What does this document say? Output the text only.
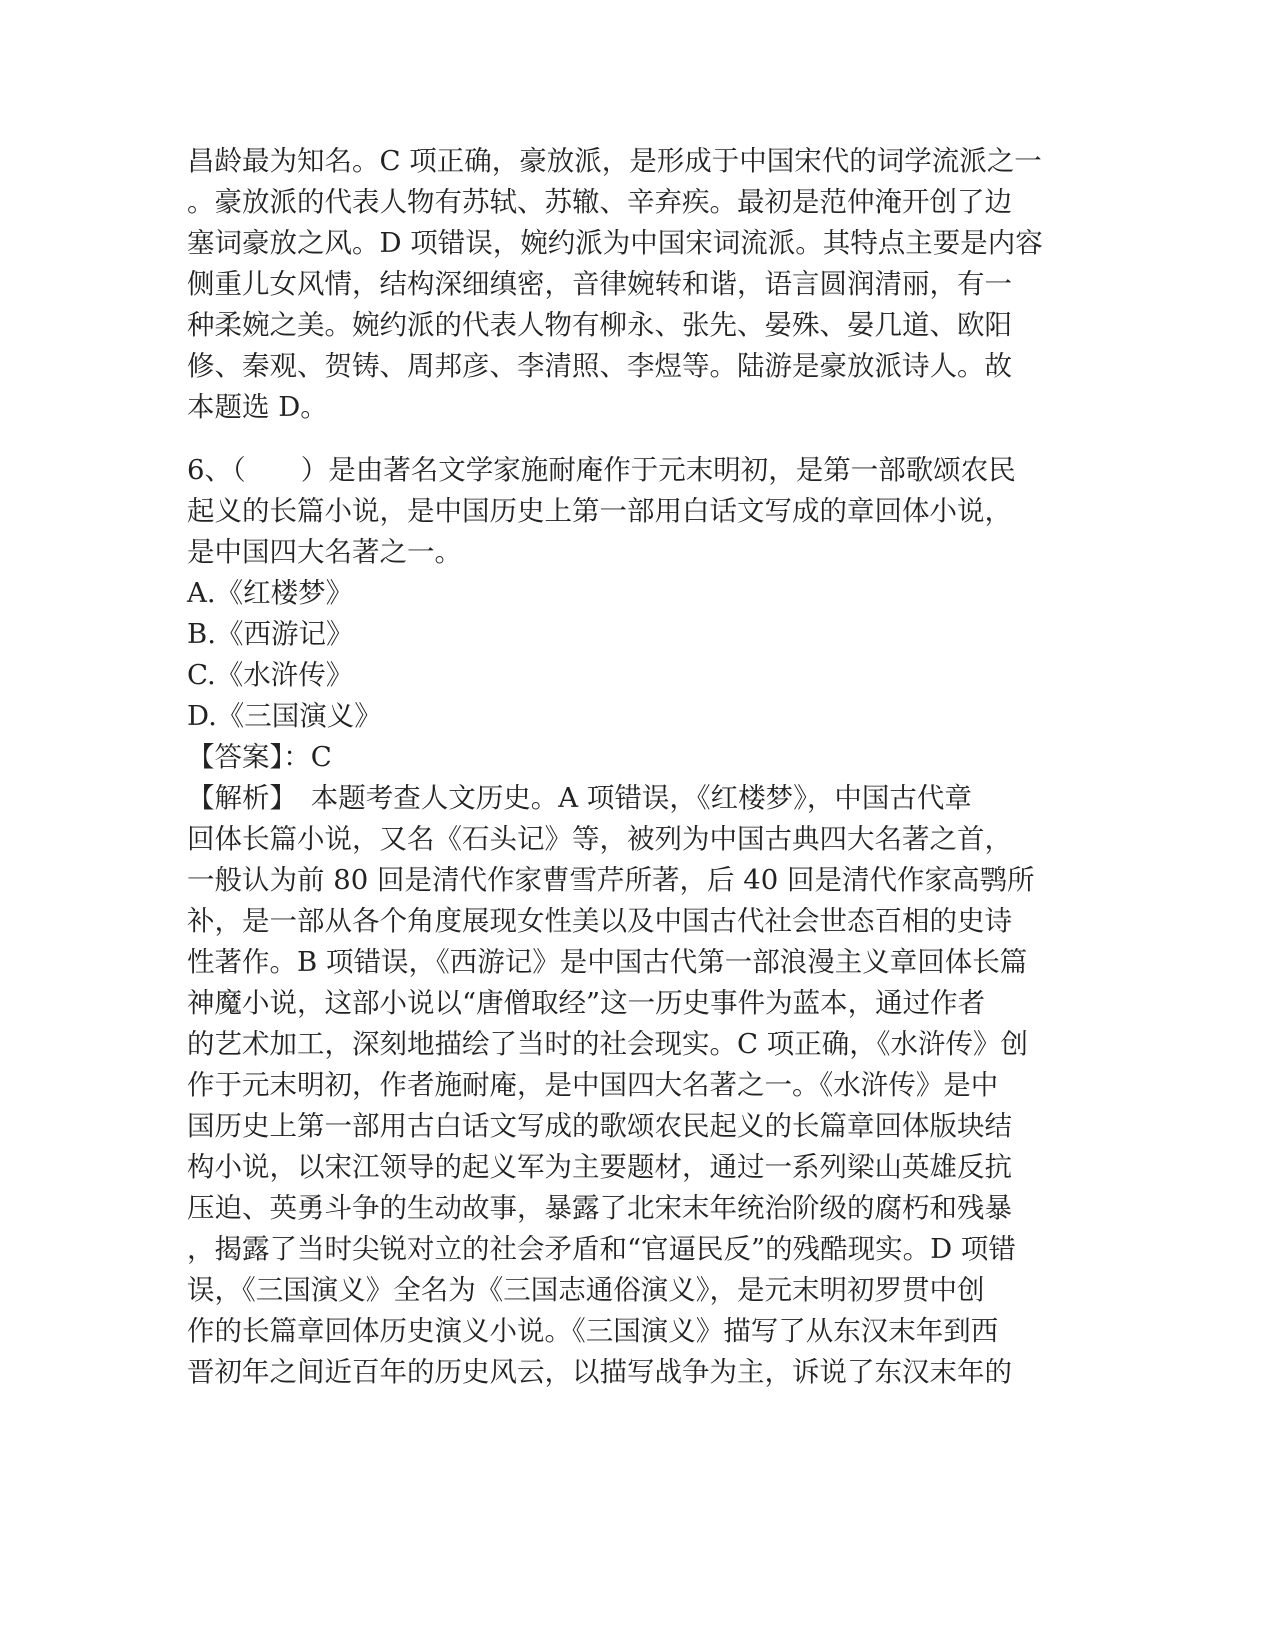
昌龄最为知名。C 项正确，豪放派，是形成于中国宋代的词学流派之一

。豪放派的代表人物有苏轼、苏辙、辛弃疾。最初是范仲淹开创了边

塞词豪放之风。D 项错误，婉约派为中国宋词流派。其特点主要是内容

侧重儿女风情，结构深细缜密，音律婉转和谐，语言圆润清丽，有一

种柔婉之美。婉约派的代表人物有柳永、张先、晏殊、晏几道、欧阳

修、秦观、贺铸、周邦彦、李清照、李煜等。陆游是豪放派诗人。故

本题选 D。

6、（　　）是由著名文学家施耐庵作于元末明初，是第一部歌颂农民

起义的长篇小说，是中国历史上第一部用白话文写成的章回体小说，

是中国四大名著之一。

A.《红楼梦》

B.《西游记》

C.《水浒传》

D.《三国演义》

【答案】：C

【解析】　本题考查人文历史。A 项错误，《红楼梦》，中国古代章

回体长篇小说，又名《石头记》等，被列为中国古典四大名著之首，

一般认为前 80 回是清代作家曹雪芹所著，后 40 回是清代作家高鹗所

补，是一部从各个角度展现女性美以及中国古代社会世态百相的史诗

性著作。B 项错误，《西游记》是中国古代第一部浪漫主义章回体长篇

神魔小说，这部小说以“唐僧取经”这一历史事件为蓝本，通过作者

的艺术加工，深刻地描绘了当时的社会现实。C 项正确，《水浒传》创

作于元末明初，作者施耐庵，是中国四大名著之一。《水浒传》是中

国历史上第一部用古白话文写成的歌颂农民起义的长篇章回体版块结

构小说，以宋江领导的起义军为主要题材，通过一系列梁山英雄反抗

压迫、英勇斗争的生动故事，暴露了北宋末年统治阶级的腐朽和残暴

，揭露了当时尖锐对立的社会矛盾和“官逼民反”的残酷现实。D 项错

误，《三国演义》全名为《三国志通俗演义》，是元末明初罗贯中创

作的长篇章回体历史演义小说。《三国演义》描写了从东汉末年到西

晋初年之间近百年的历史风云，以描写战争为主，诉说了东汉末年的
